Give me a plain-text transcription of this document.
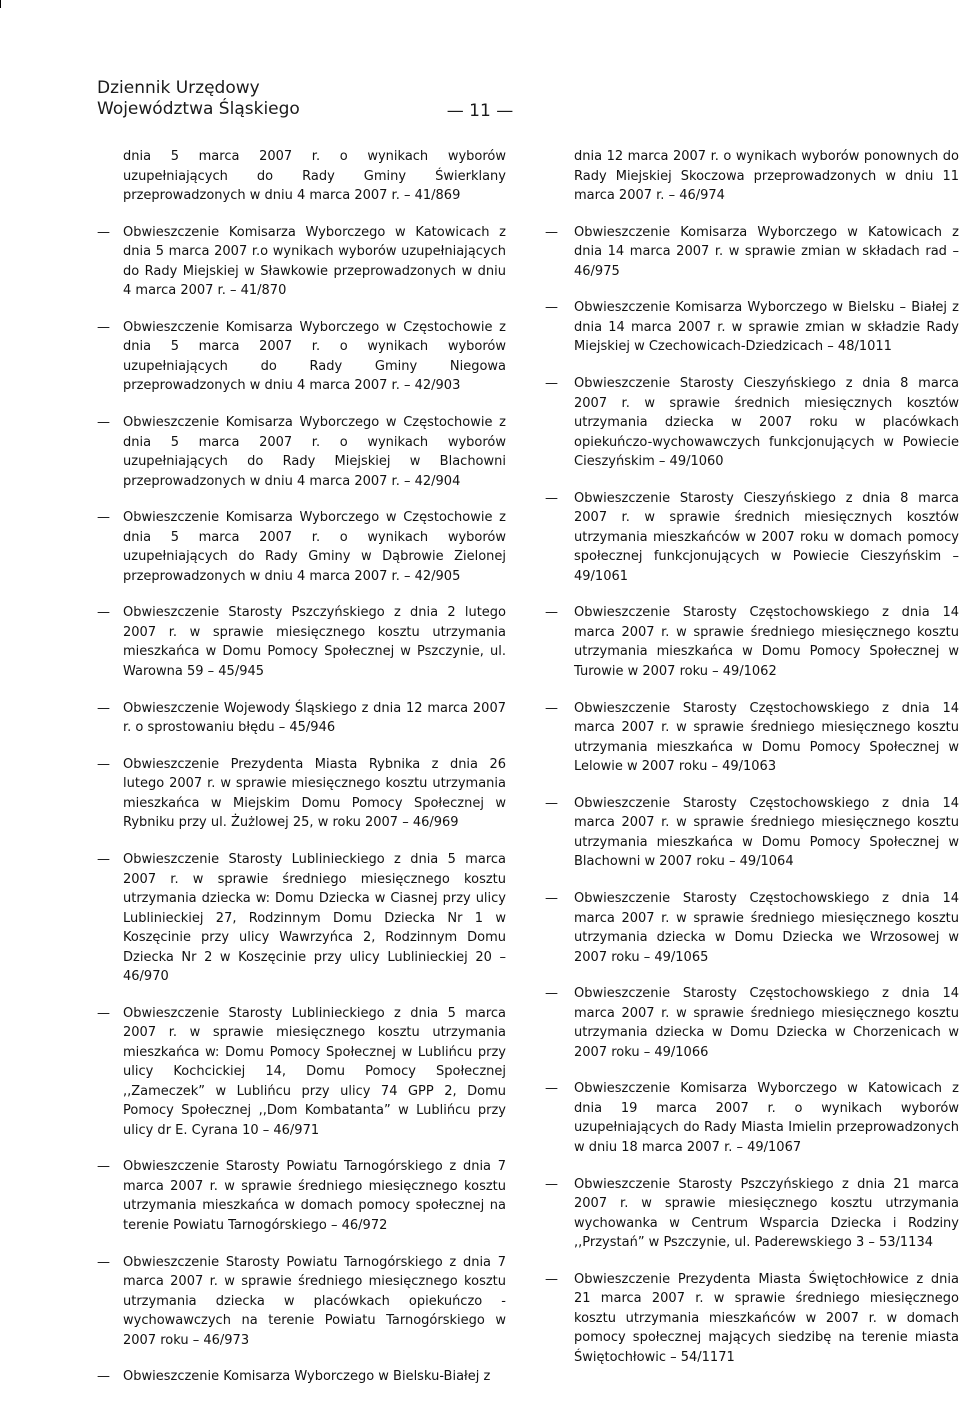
Dziennik Urzędowy
Województwa Śląskiego	— 11 —
dnia 5 marca 2007 r. o wynikach wyborów uzupełniających do Rady Gminy Świerklany przeprowadzonych w dniu 4 marca 2007 r. – 41/869
—	Obwieszczenie Komisarza Wyborczego w Katowicach z dnia 5 marca 2007 r.o wynikach wyborów uzupełniających do Rady Miejskiej w Sławkowie przeprowadzonych w dniu 4 marca 2007 r. – 41/870
—	Obwieszczenie Komisarza Wyborczego w Częstochowie z dnia 5 marca 2007 r. o wynikach wyborów uzupełniających do Rady Gminy Niegowa przeprowadzonych w dniu 4 marca 2007 r. – 42/903
—	Obwieszczenie Komisarza Wyborczego w Częstochowie z dnia 5 marca 2007 r. o wynikach wyborów uzupełniających do Rady Miejskiej w Blachowni przeprowadzonych w dniu 4 marca 2007 r. – 42/904
—	Obwieszczenie Komisarza Wyborczego w Częstochowie z dnia 5 marca 2007 r. o wynikach wyborów uzupełniających do Rady Gminy w Dąbrowie Zielonej przeprowadzonych w dniu 4 marca 2007 r. – 42/905
—	Obwieszczenie Starosty Pszczyńskiego z dnia 2 lutego 2007 r. w sprawie miesięcznego kosztu utrzymania mieszkańca w Domu Pomocy Społecznej w Pszczynie, ul. Warowna 59 – 45/945
—	Obwieszczenie Wojewody Śląskiego z dnia 12 marca 2007 r. o sprostowaniu błędu – 45/946
—	Obwieszczenie Prezydenta Miasta Rybnika z dnia 26 lutego 2007 r. w sprawie miesięcznego kosztu utrzymania mieszkańca w Miejskim Domu Pomocy Społecznej w Rybniku przy ul. Żużlowej 25, w roku 2007 – 46/969
—	Obwieszczenie Starosty Lublinieckiego z dnia 5 marca 2007 r. w sprawie średniego miesięcznego kosztu utrzymania dziecka w: Domu Dziecka w Ciasnej przy ulicy Lublinieckiej 27, Rodzinnym Domu Dziecka Nr 1 w Koszęcinie przy ulicy Wawrzyńca 2, Rodzinnym Domu Dziecka Nr 2 w Koszęcinie przy ulicy Lublinieckiej 20 – 46/970
—	Obwieszczenie Starosty Lublinieckiego z dnia 5 marca 2007 r. w sprawie miesięcznego kosztu utrzymania mieszkańca w: Domu Pomocy Społecznej w Lublińcu przy ulicy Kochcickiej 14, Domu Pomocy Społecznej ,,Zameczek” w Lublińcu przy ulicy 74 GPP 2, Domu Pomocy Społecznej ,,Dom Kombatanta” w Lublińcu przy ulicy dr E. Cyrana 10 – 46/971
—	Obwieszczenie Starosty Powiatu Tarnogórskiego z dnia 7 marca 2007 r. w sprawie średniego miesięcznego kosztu utrzymania mieszkańca w domach pomocy społecznej na terenie Powiatu Tarnogórskiego – 46/972
—	Obwieszczenie Starosty Powiatu Tarnogórskiego z dnia 7 marca 2007 r. w sprawie średniego miesięcznego kosztu utrzymania dziecka w placówkach opiekuńczo - wychowawczych na terenie Powiatu Tarnogórskiego w 2007 roku – 46/973
—	Obwieszczenie Komisarza Wyborczego w Bielsku-Białej z
dnia 12 marca 2007 r. o wynikach wyborów ponownych do Rady Miejskiej Skoczowa przeprowadzonych w dniu 11 marca 2007 r. – 46/974
—	Obwieszczenie Komisarza Wyborczego w Katowicach z dnia 14 marca 2007 r. w sprawie zmian w składach rad – 46/975
—	Obwieszczenie Komisarza Wyborczego w Bielsku – Białej z dnia 14 marca 2007 r. w sprawie zmian w składzie Rady Miejskiej w Czechowicach-Dziedzicach – 48/1011
—	Obwieszczenie Starosty Cieszyńskiego z dnia 8 marca 2007 r. w sprawie średnich miesięcznych kosztów utrzymania dziecka w 2007 roku w placówkach opiekuńczo-wychowawczych funkcjonujących w Powiecie Cieszyńskim – 49/1060
—	Obwieszczenie Starosty Cieszyńskiego z dnia 8 marca 2007 r. w sprawie średnich miesięcznych kosztów utrzymania mieszkańców w 2007 roku w domach pomocy społecznej funkcjonujących w Powiecie Cieszyńskim – 49/1061
—	Obwieszczenie Starosty Częstochowskiego z dnia 14 marca 2007 r. w sprawie średniego miesięcznego kosztu utrzymania mieszkańca w Domu Pomocy Społecznej w Turowie w 2007 roku – 49/1062
—	Obwieszczenie Starosty Częstochowskiego z dnia 14 marca 2007 r. w sprawie średniego miesięcznego kosztu utrzymania mieszkańca w Domu Pomocy Społecznej w Lelowie w 2007 roku – 49/1063
—	Obwieszczenie Starosty Częstochowskiego z dnia 14 marca 2007 r. w sprawie średniego miesięcznego kosztu utrzymania mieszkańca w Domu Pomocy Społecznej w Blachowni w 2007 roku – 49/1064
—	Obwieszczenie Starosty Częstochowskiego z dnia 14 marca 2007 r. w sprawie średniego miesięcznego kosztu utrzymania dziecka w Domu Dziecka we Wrzosowej w 2007 roku – 49/1065
—	Obwieszczenie Starosty Częstochowskiego z dnia 14 marca 2007 r. w sprawie średniego miesięcznego kosztu utrzymania dziecka w Domu Dziecka w Chorzenicach w 2007 roku – 49/1066
—	Obwieszczenie Komisarza Wyborczego w Katowicach z dnia 19 marca 2007 r. o wynikach wyborów uzupełniających do Rady Miasta Imielin przeprowadzonych w dniu 18 marca 2007 r. – 49/1067
—	Obwieszczenie Starosty Pszczyńskiego z dnia 21 marca 2007 r. w sprawie miesięcznego kosztu utrzymania wychowanka w Centrum Wsparcia Dziecka i Rodziny ,,Przystań” w Pszczynie, ul. Paderewskiego 3 – 53/1134
—	Obwieszczenie Prezydenta Miasta Świętochłowice z dnia 21 marca 2007 r. w sprawie średniego miesięcznego kosztu utrzymania mieszkańców w 2007 r. w domach pomocy społecznej mających siedzibę na terenie miasta Świętochłowic – 54/1171
